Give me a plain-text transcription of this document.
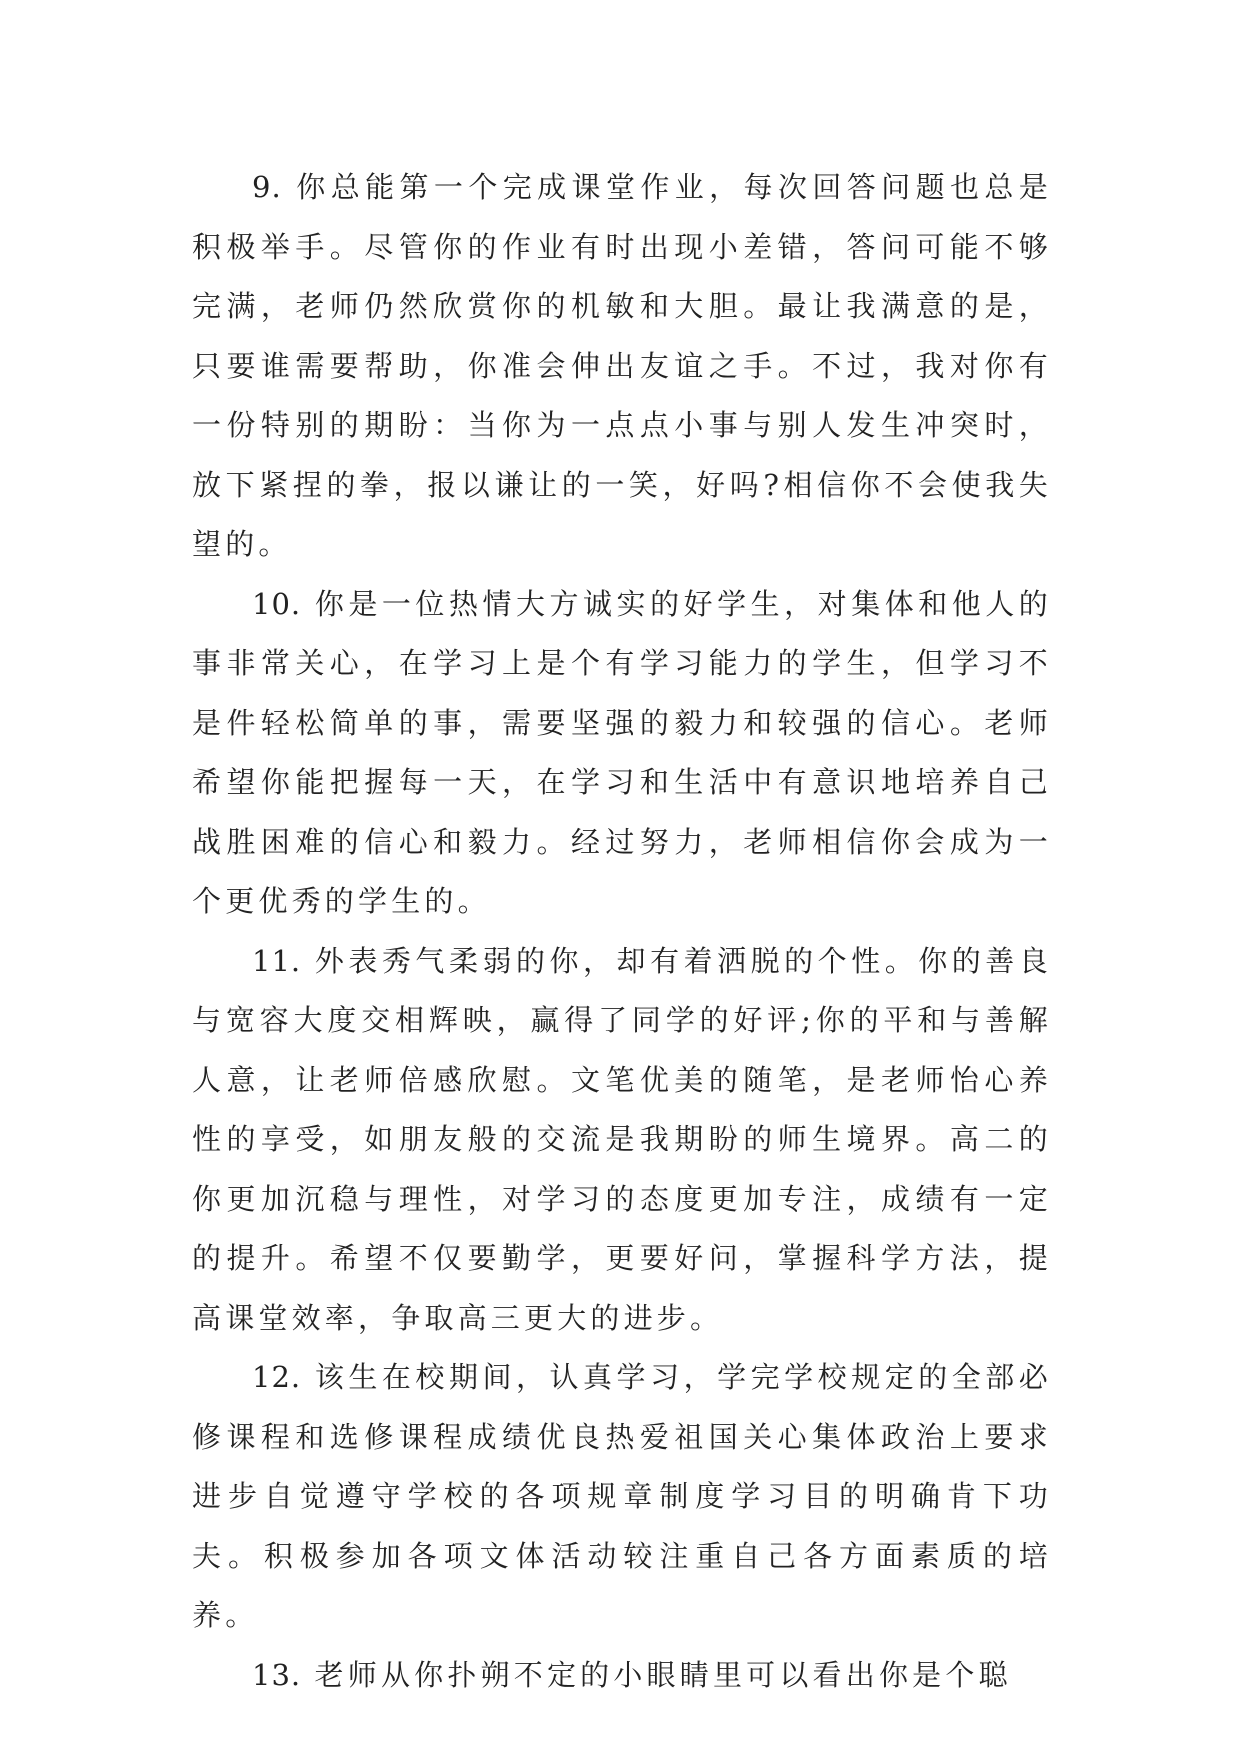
9. 你总能第一个完成课堂作业，每次回答问题也总是积极举手。尽管你的作业有时出现小差错，答问可能不够完满，老师仍然欣赏你的机敏和大胆。最让我满意的是，只要谁需要帮助，你准会伸出友谊之手。不过，我对你有一份特别的期盼：当你为一点点小事与别人发生冲突时，放下紧捏的拳，报以谦让的一笑，好吗?相信你不会使我失望的。

10. 你是一位热情大方诚实的好学生，对集体和他人的事非常关心，在学习上是个有学习能力的学生，但学习不是件轻松简单的事，需要坚强的毅力和较强的信心。老师希望你能把握每一天，在学习和生活中有意识地培养自己战胜困难的信心和毅力。经过努力，老师相信你会成为一个更优秀的学生的。

11. 外表秀气柔弱的你，却有着洒脱的个性。你的善良与宽容大度交相辉映，赢得了同学的好评;你的平和与善解人意，让老师倍感欣慰。文笔优美的随笔，是老师怡心养性的享受，如朋友般的交流是我期盼的师生境界。高二的你更加沉稳与理性，对学习的态度更加专注，成绩有一定的提升。希望不仅要勤学，更要好问，掌握科学方法，提高课堂效率，争取高三更大的进步。

12. 该生在校期间，认真学习，学完学校规定的全部必修课程和选修课程成绩优良热爱祖国关心集体政治上要求进步自觉遵守学校的各项规章制度学习目的明确肯下功夫。积极参加各项文体活动较注重自己各方面素质的培养。

13. 老师从你扑朔不定的小眼睛里可以看出你是个聪
